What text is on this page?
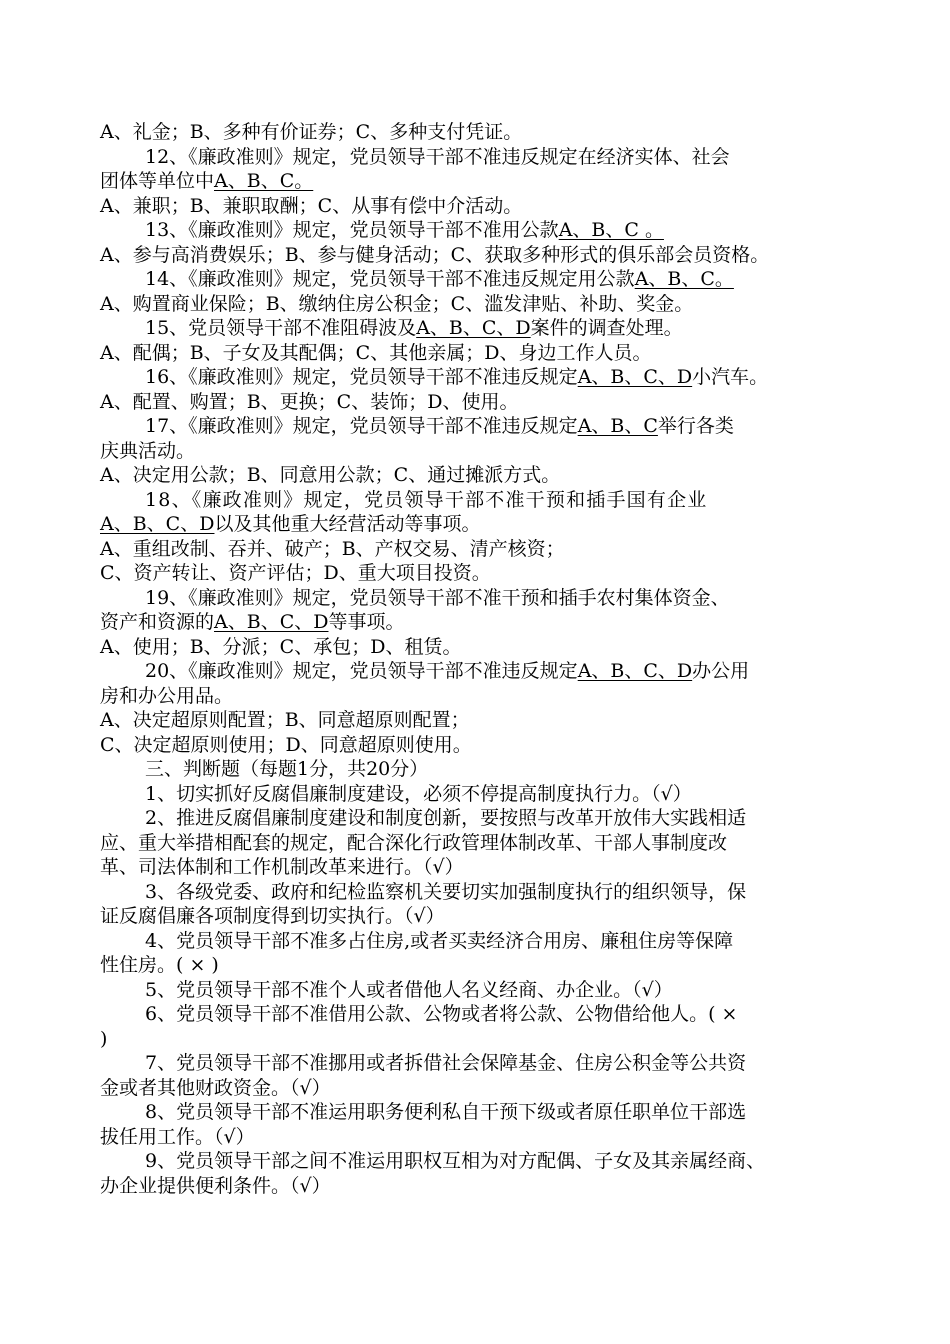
A、礼金；B、多种有价证券；C、多种支付凭证。
12、《廉政准则》规定，党员领导干部不准违反规定在经济实体、社会
团体等单位中A、B、C。
A、兼职；B、兼职取酬；C、从事有偿中介活动。
13、《廉政准则》规定，党员领导干部不准用公款A、B、C 。
A、参与高消费娱乐；B、参与健身活动；C、获取多种形式的俱乐部会员资格。
14、《廉政准则》规定，党员领导干部不准违反规定用公款A、B、C。
A、购置商业保险；B、缴纳住房公积金；C、滥发津贴、补助、奖金。
15、党员领导干部不准阻碍波及A、B、C、D案件的调查处理。
A、配偶；B、子女及其配偶；C、其他亲属；D、身边工作人员。
16、《廉政准则》规定，党员领导干部不准违反规定A、B、C、D小汽车。
A、配置、购置；B、更换；C、装饰；D、使用。
17、《廉政准则》规定，党员领导干部不准违反规定A、B、C举行各类
庆典活动。
A、决定用公款；B、同意用公款；C、通过摊派方式。
18、《廉政准则》规定，党员领导干部不准干预和插手国有企业
A、B、C、D以及其他重大经营活动等事项。
A、重组改制、吞并、破产；B、产权交易、清产核资；
C、资产转让、资产评估；D、重大项目投资。
19、《廉政准则》规定，党员领导干部不准干预和插手农村集体资金、
资产和资源的A、B、C、D等事项。
A、使用；B、分派；C、承包；D、租赁。
20、《廉政准则》规定，党员领导干部不准违反规定A、B、C、D办公用
房和办公用品。
A、决定超原则配置；B、同意超原则配置；
C、决定超原则使用；D、同意超原则使用。
三、判断题（每题1分，共20分）
1、切实抓好反腐倡廉制度建设，必须不停提高制度执行力。（√）
2、推进反腐倡廉制度建设和制度创新，要按照与改革开放伟大实践相适
应、重大举措相配套的规定，配合深化行政管理体制改革、干部人事制度改
革、司法体制和工作机制改革来进行。（√）
3、各级党委、政府和纪检监察机关要切实加强制度执行的组织领导，保
证反腐倡廉各项制度得到切实执行。（√）
4、党员领导干部不准多占住房,或者买卖经济合用房、廉租住房等保障
性住房。( × )
5、党员领导干部不准个人或者借他人名义经商、办企业。（√）
6、党员领导干部不准借用公款、公物或者将公款、公物借给他人。( ×
)
7、党员领导干部不准挪用或者拆借社会保障基金、住房公积金等公共资
金或者其他财政资金。（√）
8、党员领导干部不准运用职务便利私自干预下级或者原任职单位干部选
拔任用工作。（√）
9、党员领导干部之间不准运用职权互相为对方配偶、子女及其亲属经商、
办企业提供便利条件。（√）
